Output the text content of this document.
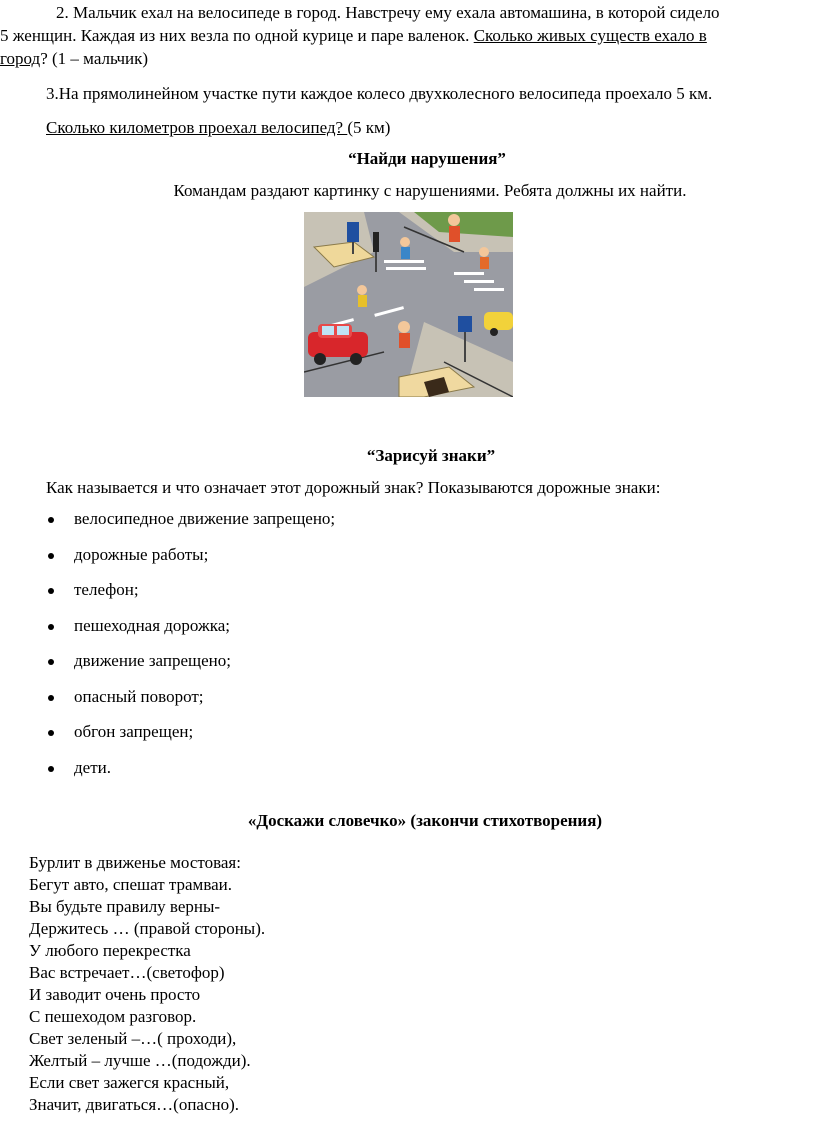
2. Мальчик ехал на велосипеде в город. Навстречу ему ехала автомашина, в которой сидело
5 женщин. Каждая из них везла по одной курице и паре валенок. Сколько живых существ ехало в
город? (1 – мальчик)
3.На прямолинейном участке пути каждое колесо двухколесного велосипеда проехало 5 км.
Сколько километров проехал велосипед? (5 км)
“Найди нарушения”
Командам раздают картинку с нарушениями. Ребята должны их найти.
“Зарисуй знаки”
Как называется и что означает этот дорожный знак? Показываются дорожные знаки:
велосипедное движение запрещено;
дорожные работы;
телефон;
пешеходная дорожка;
движение запрещено;
опасный поворот;
обгон запрещен;
дети.
«Доскажи словечко» (закончи стихотворения)
Бурлит в движенье мостовая:
Бегут авто, спешат трамваи.
Вы будьте правилу верны-
Держитесь … (правой стороны).
У любого перекрестка
Вас встречает…(светофор)
И заводит очень просто
С пешеходом разговор.
Свет зеленый –…( проходи),
Желтый – лучше …(подожди).
Если свет зажегся красный,
Значит, двигаться…(опасно).
